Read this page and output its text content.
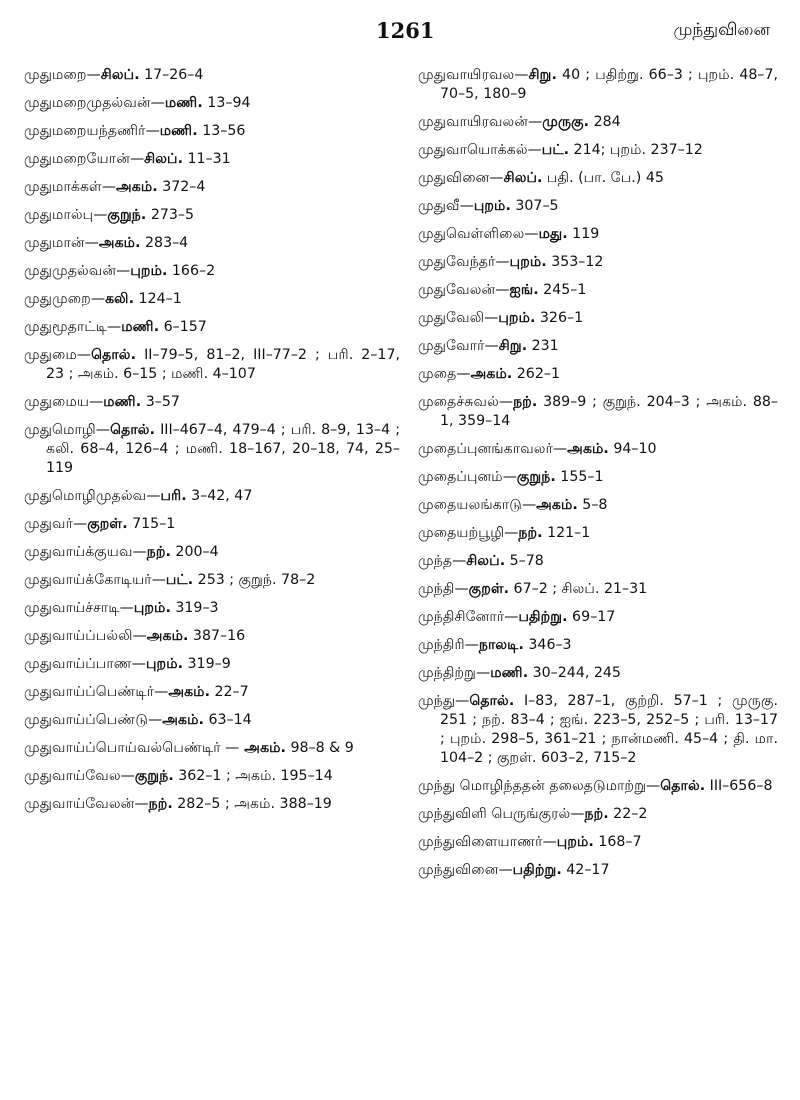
1261	முந்துவினை
முதுமறை—சிலப். 17–26–4
முதுமறைமுதல்வன்—மணி. 13–94
முதுமறையந்தணிர்—மணி. 13–56
முதுமறையோன்—சிலப். 11–31
முதுமாக்கள்—அகம். 372–4
முதுமால்பு—குறுந். 273–5
முதுமான்—அகம். 283–4
முதுமுதல்வன்—புறம். 166–2
முதுமுறை—கலி. 124–1
முதுமூதாட்டி—மணி. 6–157
முதுமை—தொல். II–79–5, 81–2, III–77–2 ; பரி. 2–17, 23 ; அகம். 6–15 ; மணி. 4–107
முதுமைய—மணி. 3–57
முதுமொழி—தொல். III–467–4, 479–4 ; பரி. 8–9, 13–4 ; கலி. 68–4, 126–4 ; மணி. 18–167, 20–18, 74, 25–119
முதுமொழிமுதல்வ—பரி. 3–42, 47
முதுவர்—குறள். 715–1
முதுவாய்க்குயவ—நற். 200–4
முதுவாய்க்கோடியர்—பட். 253 ; குறுந். 78–2
முதுவாய்ச்சாடி—புறம். 319–3
முதுவாய்ப்பல்லி—அகம். 387–16
முதுவாய்ப்பாண—புறம். 319–9
முதுவாய்ப்பெண்டிர்—அகம். 22–7
முதுவாய்ப்பெண்டு—அகம். 63–14
முதுவாய்ப்பொய்வல்பெண்டிர் — அகம். 98–8 & 9
முதுவாய்வேல—குறுந். 362–1 ; அகம். 195–14
முதுவாய்வேலன்—நற். 282–5 ; அகம். 388–19
முதுவாயிரவல—சிறு. 40 ; பதிற்று. 66–3 ; புறம். 48–7, 70–5, 180–9
முதுவாயிரவலன்—முருகு. 284
முதுவாயொக்கல்—பட். 214; புறம். 237–12
முதுவினை—சிலப். பதி. (பா. பே.) 45
முதுவீ—புறம். 307–5
முதுவெள்ளிலை—மது. 119
முதுவேந்தர்—புறம். 353–12
முதுவேலன்—ஐங். 245–1
முதுவேலி—புறம். 326–1
முதுவோர்—சிறு. 231
முதை—அகம். 262–1
முதைச்சுவல்—நற். 389–9 ; குறுந். 204–3 ; அகம். 88–1, 359–14
முதைப்புனங்காவலர்—அகம். 94–10
முதைப்புனம்—குறுந். 155–1
முதையலங்காடு—அகம். 5–8
முதையற்பூழி—நற். 121–1
முந்த—சிலப். 5–78
முந்தி—குறள். 67–2 ; சிலப். 21–31
முந்திசினோர்—பதிற்று. 69–17
முந்திரி—நாலடி. 346–3
முந்திற்று—மணி. 30–244, 245
முந்து—தொல். I–83, 287–1, குற்றி. 57–1 ; முருகு. 251 ; நற். 83–4 ; ஐங். 223–5, 252–5 ; பரி. 13–17 ; புறம். 298–5, 361–21 ; நான்மணி. 45–4 ; தி. மா. 104–2 ; குறள். 603–2, 715–2
முந்து மொழிந்ததன் தலைதடுமாற்று—தொல். III–656–8
முந்துவிளி பெருங்குரல்—நற். 22–2
முந்துவிளையாணர்—புறம். 168–7
முந்துவினை—பதிற்று. 42–17
